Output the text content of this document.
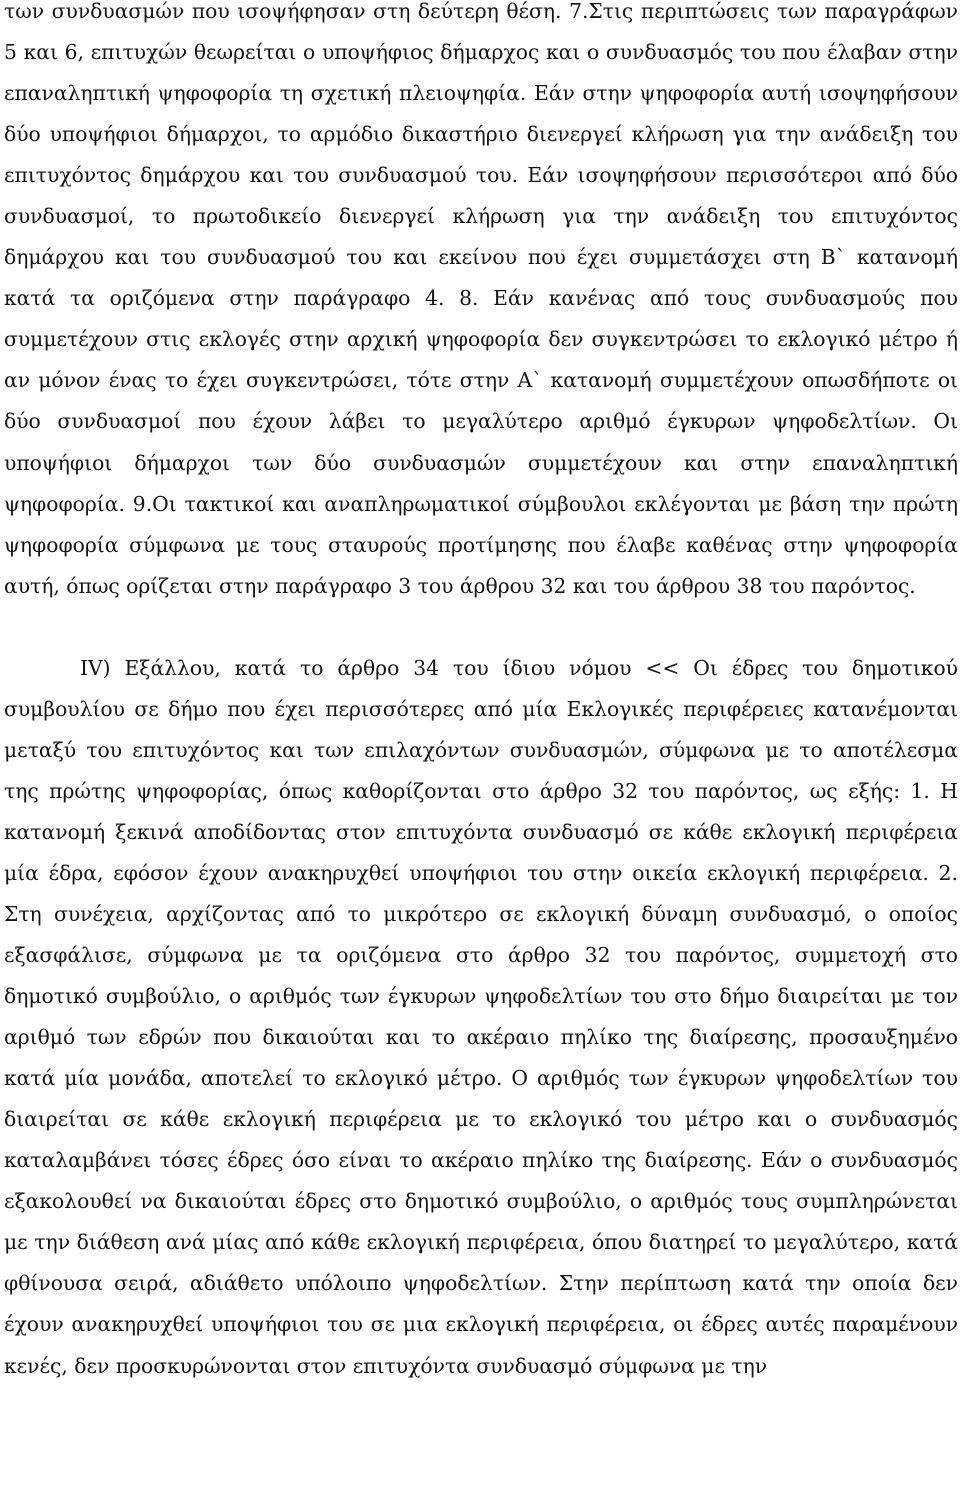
των συνδυασμών που ισοψήφησαν στη δεύτερη θέση. 7.Στις περιπτώσεις των παραγράφων 5 και 6, επιτυχών θεωρείται ο υποψήφιος δήμαρχος και ο συνδυασμός του που έλαβαν στην επαναληπτική ψηφοφορία τη σχετική πλειοψηφία. Εάν στην ψηφοφορία αυτή ισοψηφήσουν δύο υποψήφιοι δήμαρχοι, το αρμόδιο δικαστήριο διενεργεί κλήρωση για την ανάδειξη του επιτυχόντος δημάρχου και του συνδυασμού του. Εάν ισοψηφήσουν περισσότεροι από δύο συνδυασμοί, το πρωτοδικείο διενεργεί κλήρωση για την ανάδειξη του επιτυχόντος δημάρχου και του συνδυασμού του και εκείνου που έχει συμμετάσχει στη Β` κατανομή κατά τα οριζόμενα στην παράγραφο 4. 8. Εάν κανένας από τους συνδυασμούς που συμμετέχουν στις εκλογές στην αρχική ψηφοφορία δεν συγκεντρώσει το εκλογικό μέτρο ή αν μόνον ένας το έχει συγκεντρώσει, τότε στην Α` κατανομή συμμετέχουν οπωσδήποτε οι δύο συνδυασμοί που έχουν λάβει το μεγαλύτερο αριθμό έγκυρων ψηφοδελτίων. Οι υποψήφιοι δήμαρχοι των δύο συνδυασμών συμμετέχουν και στην επαναληπτική ψηφοφορία. 9.Οι τακτικοί και αναπληρωματικοί σύμβουλοι εκλέγονται με βάση την πρώτη ψηφοφορία σύμφωνα με τους σταυρούς προτίμησης που έλαβε καθένας στην ψηφοφορία αυτή, όπως ορίζεται στην παράγραφο 3 του άρθρου 32 και του άρθρου 38 του παρόντος.

IV) Εξάλλου, κατά το άρθρο 34 του ίδιου νόμου << Οι έδρες του δημοτικού συμβουλίου σε δήμο που έχει περισσότερες από μία Εκλογικές περιφέρειες κατανέμονται μεταξύ του επιτυχόντος και των επιλαχόντων συνδυασμών, σύμφωνα με το αποτέλεσμα της πρώτης ψηφοφορίας, όπως καθορίζονται στο άρθρο 32 του παρόντος, ως εξής: 1. Η κατανομή ξεκινά αποδίδοντας στον επιτυχόντα συνδυασμό σε κάθε εκλογική περιφέρεια μία έδρα, εφόσον έχουν ανακηρυχθεί υποψήφιοι του στην οικεία εκλογική περιφέρεια. 2. Στη συνέχεια, αρχίζοντας από το μικρότερο σε εκλογική δύναμη συνδυασμό, ο οποίος εξασφάλισε, σύμφωνα με τα οριζόμενα στο άρθρο 32 του παρόντος, συμμετοχή στο δημοτικό συμβούλιο, ο αριθμός των έγκυρων ψηφοδελτίων του στο δήμο διαιρείται με τον αριθμό των εδρών που δικαιούται και το ακέραιο πηλίκο της διαίρεσης, προσαυξημένο κατά μία μονάδα, αποτελεί το εκλογικό μέτρο. Ο αριθμός των έγκυρων ψηφοδελτίων του διαιρείται σε κάθε εκλογική περιφέρεια με το εκλογικό του μέτρο και ο συνδυασμός καταλαμβάνει τόσες έδρες όσο είναι το ακέραιο πηλίκο της διαίρεσης. Εάν ο συνδυασμός εξακολουθεί να δικαιούται έδρες στο δημοτικό συμβούλιο, ο αριθμός τους συμπληρώνεται με την διάθεση ανά μίας από κάθε εκλογική περιφέρεια, όπου διατηρεί το μεγαλύτερο, κατά φθίνουσα σειρά, αδιάθετο υπόλοιπο ψηφοδελτίων. Στην περίπτωση κατά την οποία δεν έχουν ανακηρυχθεί υποψήφιοι του σε μια εκλογική περιφέρεια, οι έδρες αυτές παραμένουν κενές, δεν προσκυρώνονται στον επιτυχόντα συνδυασμό σύμφωνα με την
